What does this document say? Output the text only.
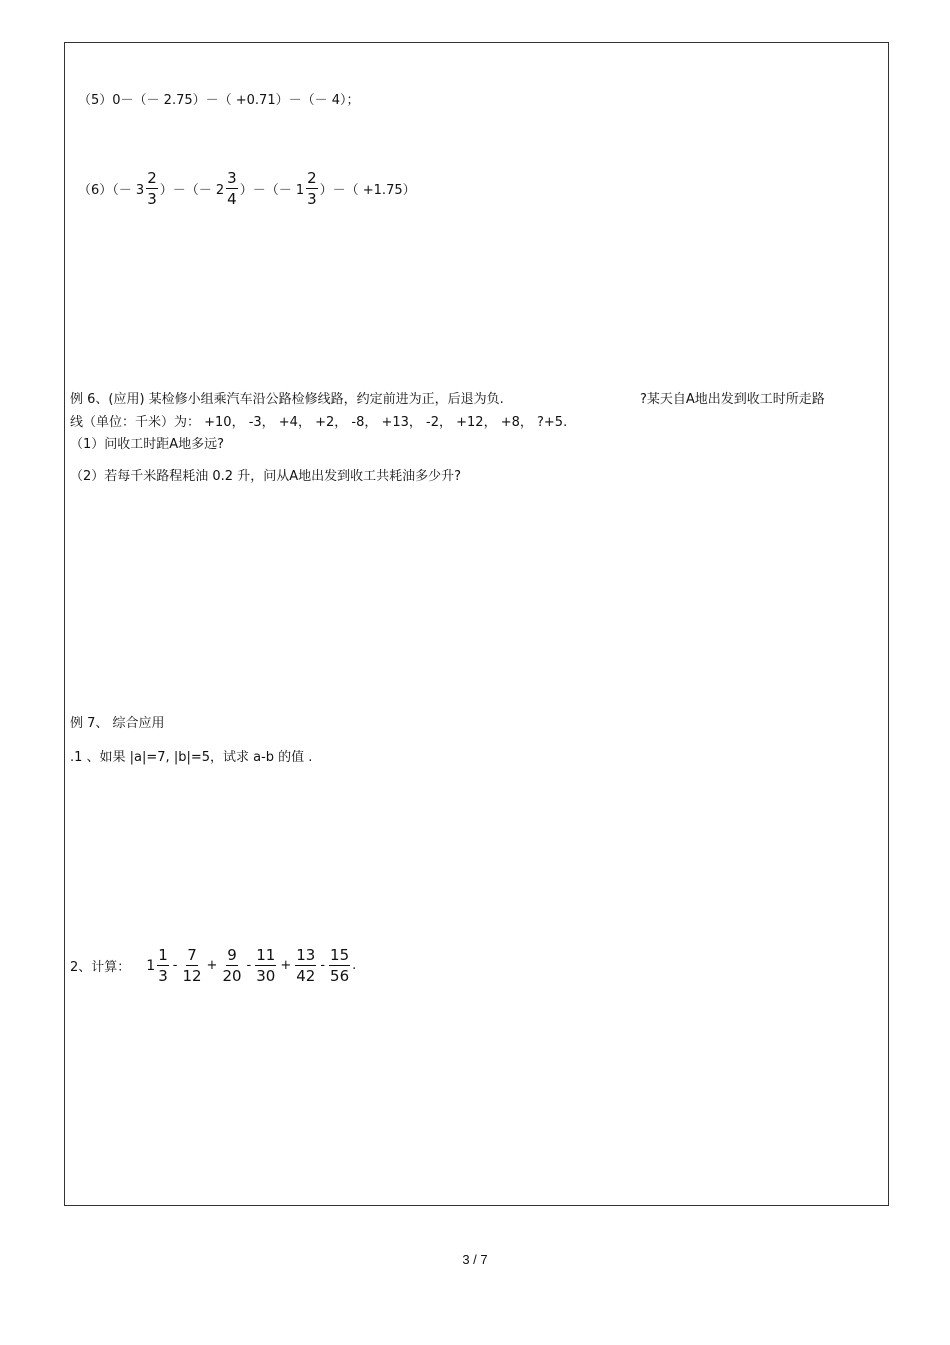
（5）0－（－ 2.75）－（ +0.71）－（－ 4）；
$(6)(- 3 \frac{2}{3}$ ）－（－ $2 \frac{3}{4}$ ）－（－ $1 \frac{2}{3}$ ）－（ +1.75）
例 6、(应用) 某检修小组乘汽车沿公路检修线路，约定前进为正，后退为负.	?某天自A地出发到收工时所走路
线（单位：千米）为： +10， -3， +4， +2， -8， +13， -2， +12， +8， ?+5.
（1）问收工时距A地多远?
（2）若每千米路程耗油 0.2 升，问从A地出发到收工共耗油多少升?
例 7、 综合应用
.1 、如果 |a|=7, |b|=5，试求 a-b 的值 .
2、计算： $1 \frac{1}{3} - \frac{7}{12} + \frac{9}{20} - \frac{11}{30} + \frac{13}{42} - \frac{15}{56}$ .
3 / 7
